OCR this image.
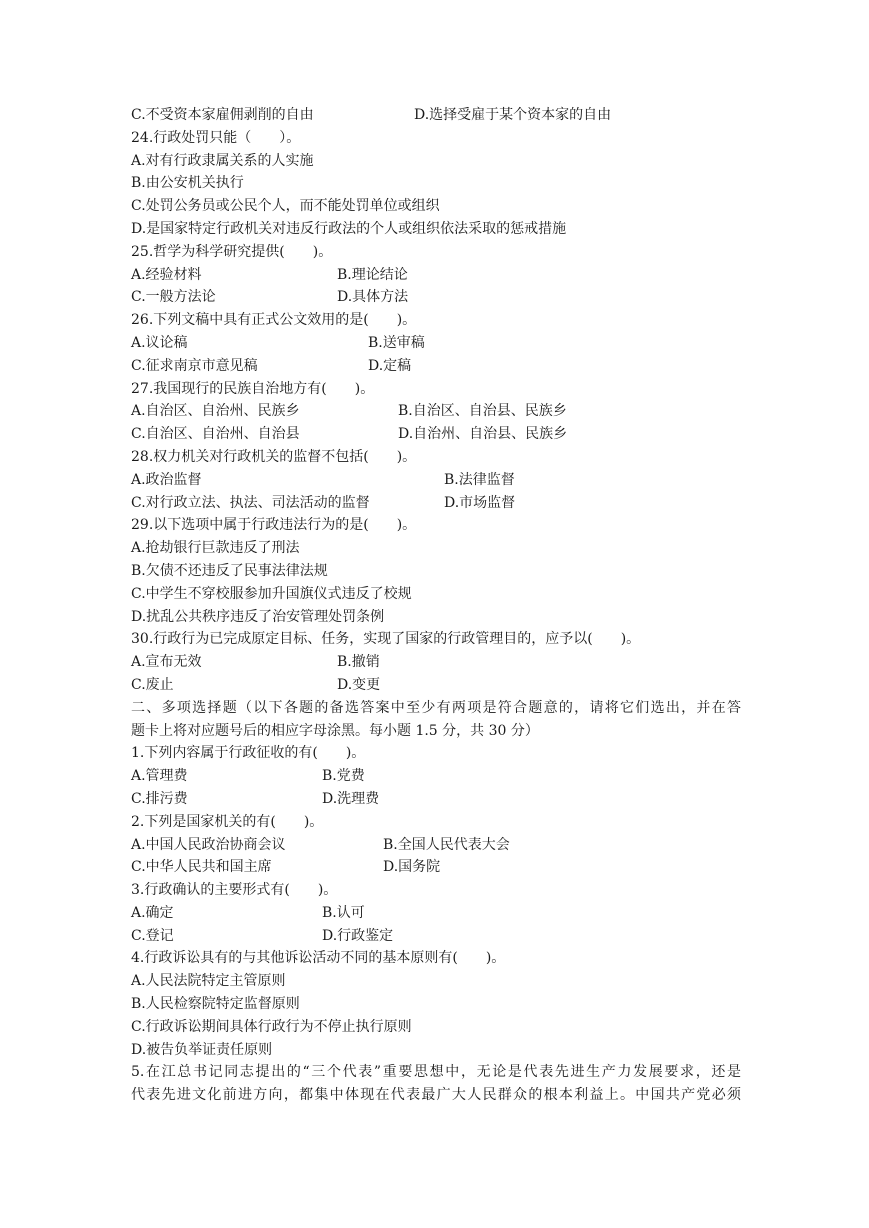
C.不受资本家雇佣剥削的自由	D.选择受雇于某个资本家的自由
24.行政处罚只能（　　）。
A.对有行政隶属关系的人实施
B.由公安机关执行
C.处罚公务员或公民个人，而不能处罚单位或组织
D.是国家特定行政机关对违反行政法的个人或组织依法采取的惩戒措施
25.哲学为科学研究提供(　　)。
A.经验材料	B.理论结论
C.一般方法论	D.具体方法
26.下列文稿中具有正式公文效用的是(　　)。
A.议论稿	B.送审稿
C.征求南京市意见稿	D.定稿
27.我国现行的民族自治地方有(　　)。
A.自治区、自治州、民族乡	B.自治区、自治县、民族乡
C.自治区、自治州、自治县	D.自治州、自治县、民族乡
28.权力机关对行政机关的监督不包括(　　)。
A.政治监督	B.法律监督
C.对行政立法、执法、司法活动的监督	D.市场监督
29.以下选项中属于行政违法行为的是(　　)。
A.抢劫银行巨款违反了刑法
B.欠债不还违反了民事法律法规
C.中学生不穿校服参加升国旗仪式违反了校规
D.扰乱公共秩序违反了治安管理处罚条例
30.行政行为已完成原定目标、任务，实现了国家的行政管理目的，应予以(　　)。
A.宣布无效	B.撤销
C.废止	D.变更
二、多项选择题（以下各题的备选答案中至少有两项是符合题意的，请将它们选出，并在答
题卡上将对应题号后的相应字母涂黑。每小题 1.5 分，共 30 分）
1.下列内容属于行政征收的有(　　)。
A.管理费	B.党费
C.排污费	D.洗理费
2.下列是国家机关的有(　　)。
A.中国人民政治协商会议	B.全国人民代表大会
C.中华人民共和国主席	D.国务院
3.行政确认的主要形式有(　　)。
A.确定	B.认可
C.登记	D.行政鉴定
4.行政诉讼具有的与其他诉讼活动不同的基本原则有(　　)。
A.人民法院特定主管原则
B.人民检察院特定监督原则
C.行政诉讼期间具体行政行为不停止执行原则
D.被告负举证责任原则
5.在江总书记同志提出的“三个代表”重要思想中，无论是代表先进生产力发展要求，还是
代表先进文化前进方向，都集中体现在代表最广大人民群众的根本利益上。中国共产党必须
